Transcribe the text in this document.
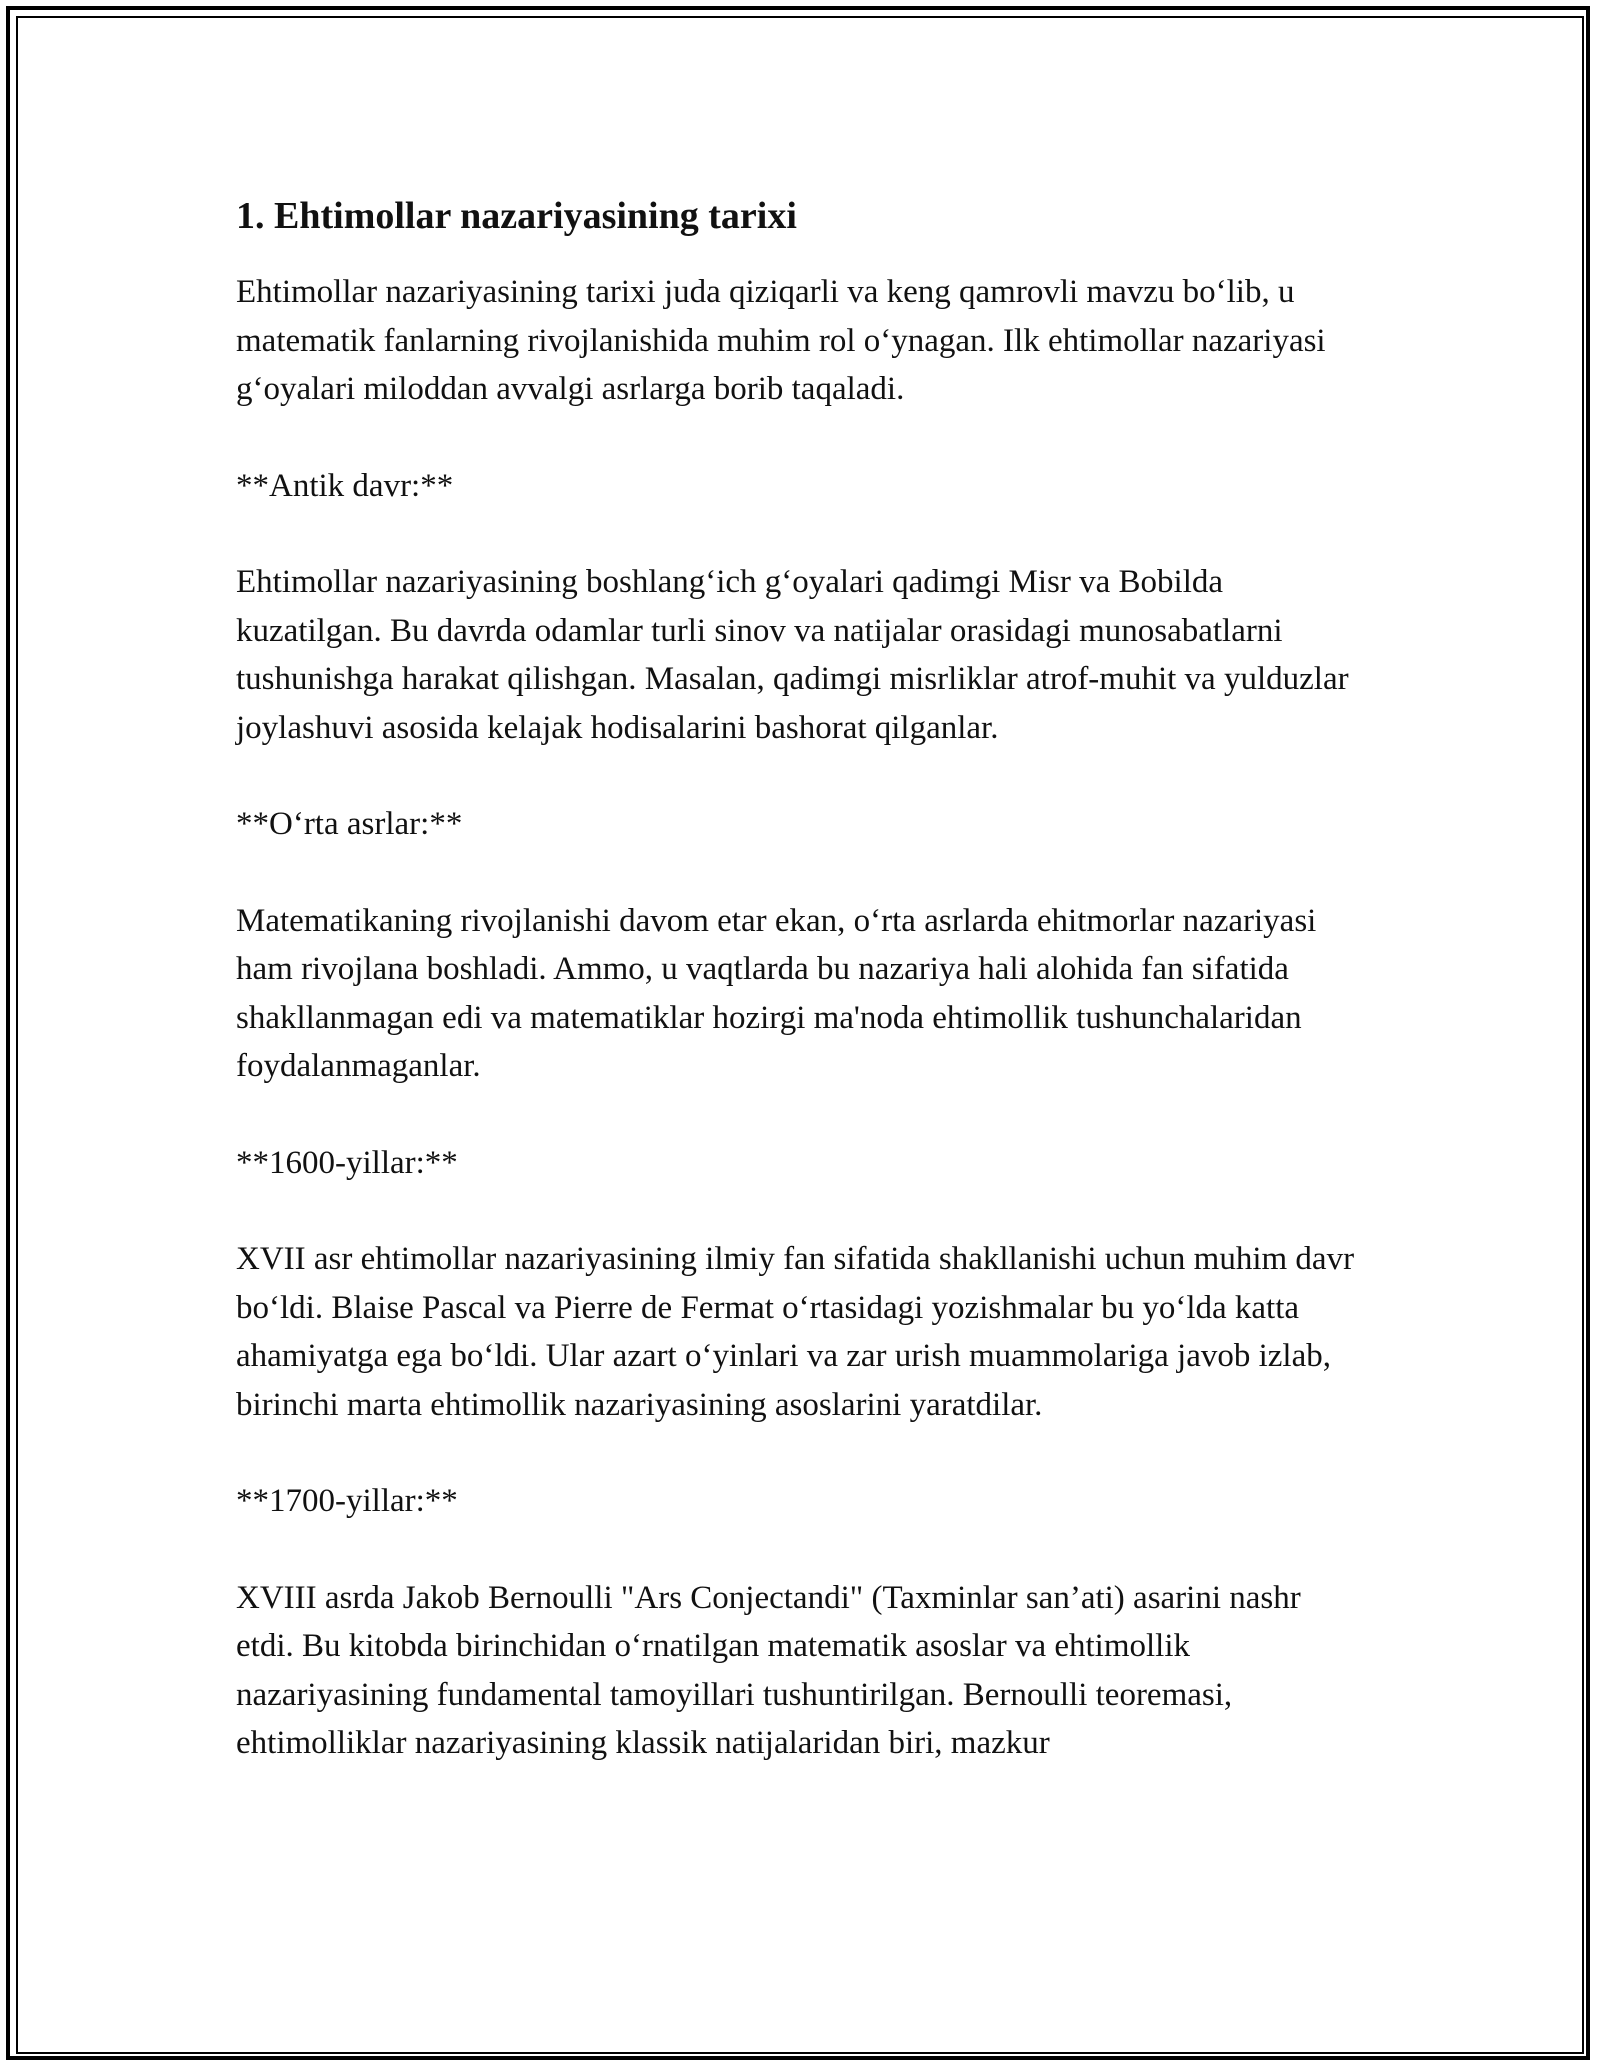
1. Ehtimollar nazariyasining tarixi

Ehtimollar nazariyasining tarixi juda qiziqarli va keng qamrovli mavzu bo‘lib, u matematik fanlarning rivojlanishida muhim rol o‘ynagan. Ilk ehtimollar nazariyasi g‘oyalari miloddan avvalgi asrlarga borib taqaladi.

**Antik davr:**

Ehtimollar nazariyasining boshlang‘ich g‘oyalari qadimgi Misr va Bobilda kuzatilgan. Bu davrda odamlar turli sinov va natijalar orasidagi munosabatlarni tushunishga harakat qilishgan. Masalan, qadimgi misrliklar atrof-muhit va yulduzlar joylashuvi asosida kelajak hodisalarini bashorat qilganlar.

**O‘rta asrlar:**

Matematikaning rivojlanishi davom etar ekan, o‘rta asrlarda ehitmorlar nazariyasi ham rivojlana boshladi. Ammo, u vaqtlarda bu nazariya hali alohida fan sifatida shakllanmagan edi va matematiklar hozirgi ma'noda ehtimollik tushunchalaridan foydalanmaganlar.

**1600-yillar:**

XVII asr ehtimollar nazariyasining ilmiy fan sifatida shakllanishi uchun muhim davr bo‘ldi. Blaise Pascal va Pierre de Fermat o‘rtasidagi yozishmalar bu yo‘lda katta ahamiyatga ega bo‘ldi. Ular azart o‘yinlari va zar urish muammolariga javob izlab, birinchi marta ehtimollik nazariyasining asoslarini yaratdilar.

**1700-yillar:**

XVIII asrda Jakob Bernoulli "Ars Conjectandi" (Taxminlar san’ati) asarini nashr etdi. Bu kitobda birinchidan o‘rnatilgan matematik asoslar va ehtimollik nazariyasining fundamental tamoyillari tushuntirilgan. Bernoulli teoremasi, ehtimolliklar nazariyasining klassik natijalaridan biri, mazkur
